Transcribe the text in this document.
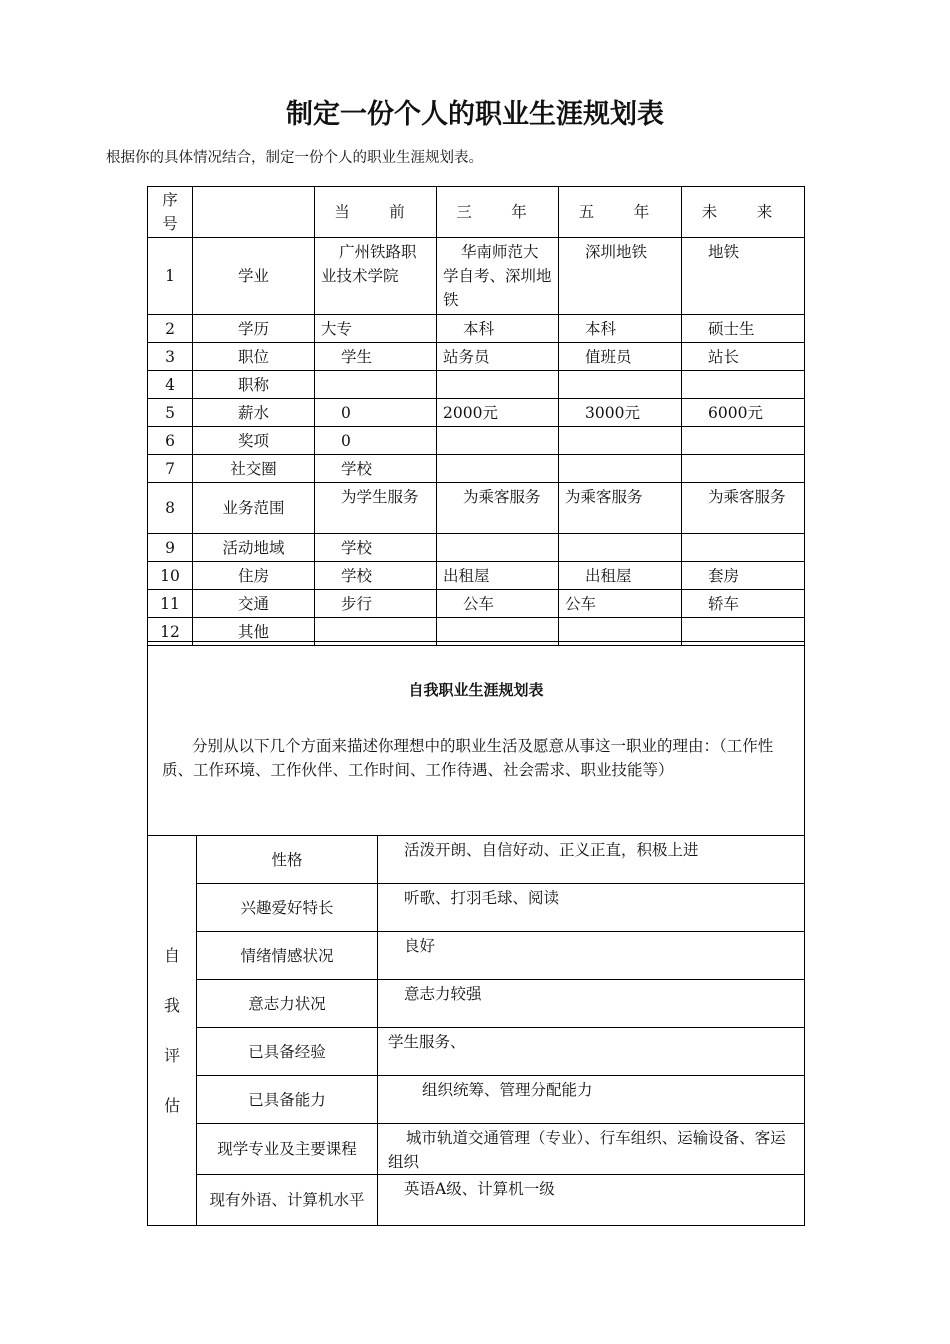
制定一份个人的职业生涯规划表
根据你的具体情况结合，制定一份个人的职业生涯规划表。
序号		当　前	三　年	五　年	未　来
1	学业	广州铁路职业技术学院	华南师范大学自考、深圳地铁	深圳地铁	地铁
2	学历	大专	本科	本科	硕士生
3	职位	学生	站务员	值班员	站长
4	职称				
5	薪水	0	2000元	3000元	6000元
6	奖项	0			
7	社交圈	学校			
8	业务范围	为学生服务	为乘客服务	为乘客服务	为乘客服务
9	活动地域	学校			
10	住房	学校	出租屋	出租屋	套房
11	交通	步行	公车	公车	轿车
12	其他				
自我职业生涯规划表
分别从以下几个方面来描述你理想中的职业生活及愿意从事这一职业的理由：（工作性质、工作环境、工作伙伴、工作时间、工作待遇、社会需求、职业技能等）		

自
我
评
估	性格	活泼开朗、自信好动、正义正直，积极上进
	兴趣爱好特长	听歌、打羽毛球、阅读
	情绪情感状况	良好
	意志力状况	意志力较强
	已具备经验	学生服务、
	已具备能力	组织统筹、管理分配能力
	现学专业及主要课程	城市轨道交通管理（专业）、行车组织、运输设备、客运组织
	现有外语、计算机水平	英语A级、计算机一级
